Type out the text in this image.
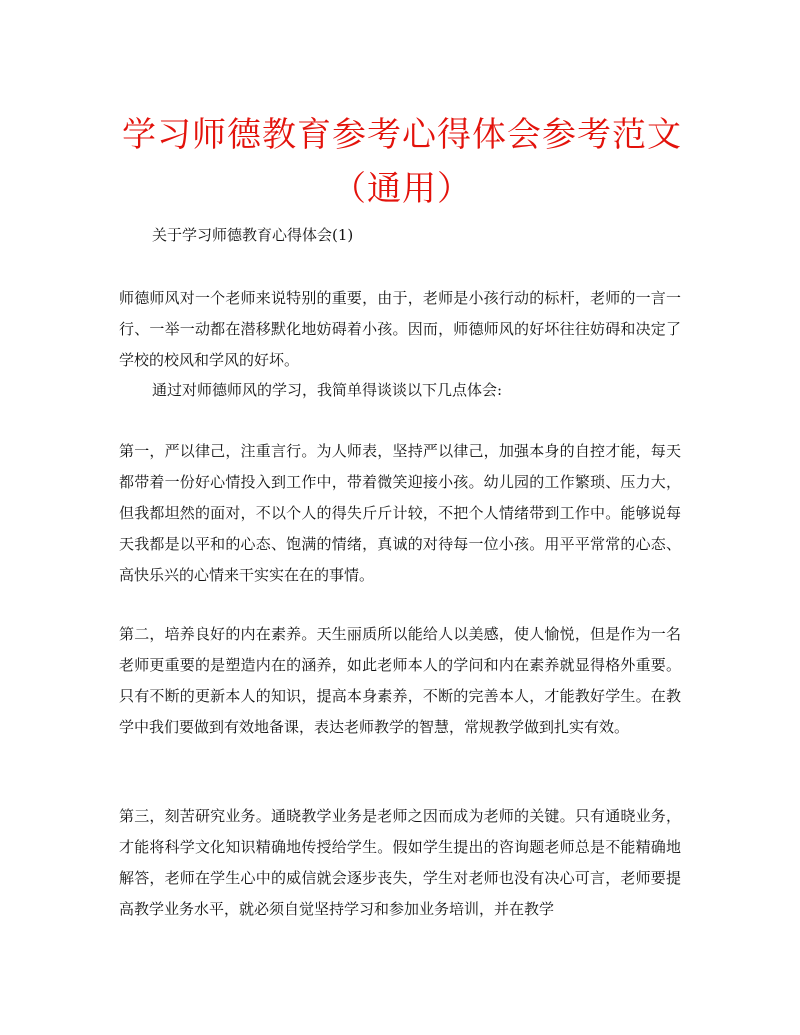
学习师德教育参考心得体会参考范文（通用）
关于学习师德教育心得体会(1)
师德师风对一个老师来说特别的重要，由于，老师是小孩行动的标杆，老师的一言一行、一举一动都在潜移默化地妨碍着小孩。因而，师德师风的好坏往往妨碍和决定了学校的校风和学风的好坏。
通过对师德师风的学习，我简单得谈谈以下几点体会:
第一，严以律己，注重言行。为人师表，坚持严以律己，加强本身的自控才能，每天都带着一份好心情投入到工作中，带着微笑迎接小孩。幼儿园的工作繁琐、压力大，但我都坦然的面对，不以个人的得失斤斤计较，不把个人情绪带到工作中。能够说每天我都是以平和的心态、饱满的情绪，真诚的对待每一位小孩。用平平常常的心态、高快乐兴的心情来干实实在在的事情。
第二，培养良好的内在素养。天生丽质所以能给人以美感，使人愉悦，但是作为一名老师更重要的是塑造内在的涵养，如此老师本人的学问和内在素养就显得格外重要。只有不断的更新本人的知识，提高本身素养，不断的完善本人，才能教好学生。在教学中我们要做到有效地备课，表达老师教学的智慧，常规教学做到扎实有效。
第三，刻苦研究业务。通晓教学业务是老师之因而成为老师的关键。只有通晓业务，才能将科学文化知识精确地传授给学生。假如学生提出的咨询题老师总是不能精确地解答，老师在学生心中的威信就会逐步丧失，学生对老师也没有决心可言，老师要提高教学业务水平，就必须自觉坚持学习和参加业务培训，并在教学
